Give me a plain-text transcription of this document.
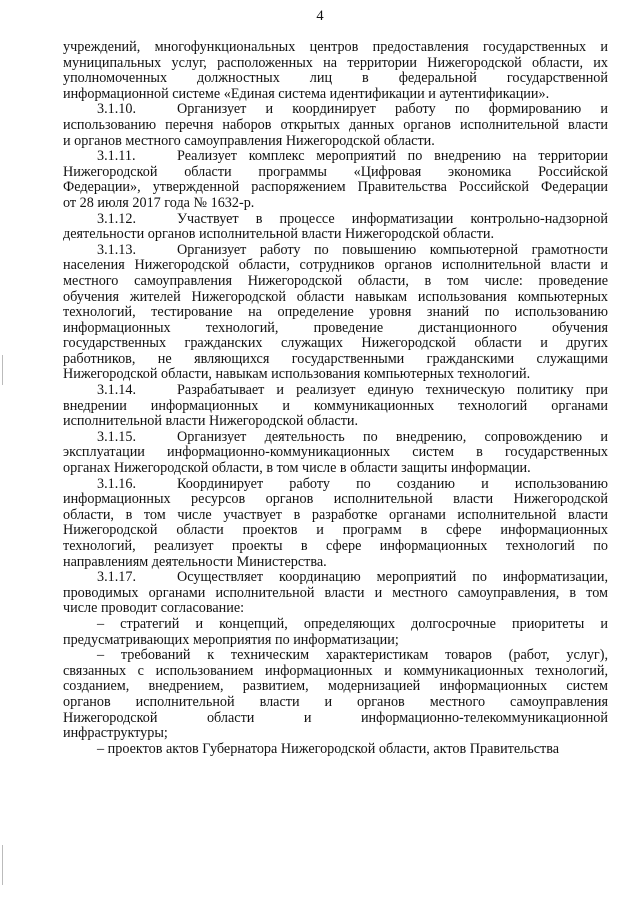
4
учреждений, многофункциональных центров предоставления государственных и
муниципальных услуг, расположенных на территории Нижегородской области, их
уполномоченных должностных лиц в федеральной государственной
информационной системе «Единая система идентификации и аутентификации».
3.1.10.	Организует и координирует работу по формированию и
использованию перечня наборов открытых данных органов исполнительной власти
и органов местного самоуправления Нижегородской области.
3.1.11.	Реализует комплекс мероприятий по внедрению на территории
Нижегородской области программы «Цифровая экономика Российской
Федерации», утвержденной распоряжением Правительства Российской Федерации
от 28 июля 2017 года № 1632-р.
3.1.12.	Участвует в процессе информатизации контрольно-надзорной
деятельности органов исполнительной власти Нижегородской области.
3.1.13.	Организует работу по повышению компьютерной грамотности
населения Нижегородской области, сотрудников органов исполнительной власти и
местного самоуправления Нижегородской области, в том числе: проведение
обучения жителей Нижегородской области навыкам использования компьютерных
технологий, тестирование на определение уровня знаний по использованию
информационных технологий, проведение дистанционного обучения
государственных гражданских служащих Нижегородской области и других
работников, не являющихся государственными гражданскими служащими
Нижегородской области, навыкам использования компьютерных технологий.
3.1.14.	Разрабатывает и реализует единую техническую политику при
внедрении информационных и коммуникационных технологий органами
исполнительной власти Нижегородской области.
3.1.15.	Организует деятельность по внедрению, сопровождению и
эксплуатации информационно-коммуникационных систем в государственных
органах Нижегородской области, в том числе в области защиты информации.
3.1.16.	Координирует работу по созданию и использованию
информационных ресурсов органов исполнительной власти Нижегородской
области, в том числе участвует в разработке органами исполнительной власти
Нижегородской области проектов и программ в сфере информационных
технологий, реализует проекты в сфере информационных технологий по
направлениям деятельности Министерства.
3.1.17.	Осуществляет координацию мероприятий по информатизации,
проводимых органами исполнительной власти и местного самоуправления, в том
числе проводит согласование:
– стратегий и концепций, определяющих долгосрочные приоритеты и
предусматривающих мероприятия по информатизации;
– требований к техническим характеристикам товаров (работ, услуг),
связанных с использованием информационных и коммуникационных технологий,
созданием, внедрением, развитием, модернизацией информационных систем
органов исполнительной власти и органов местного самоуправления
Нижегородской области и информационно-телекоммуникационной
инфраструктуры;
– проектов актов Губернатора Нижегородской области, актов Правительства
